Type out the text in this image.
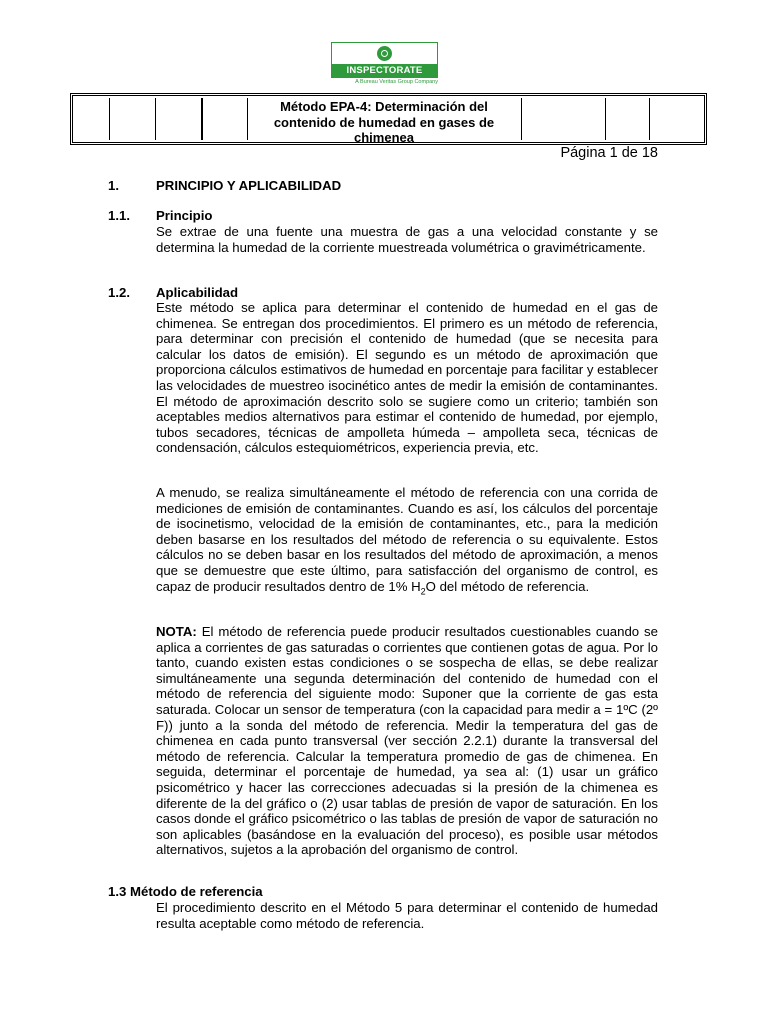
INSPECTORATE
A Bureau Veritas Group Company
Método EPA-4: Determinación del contenido de humedad en gases de chimenea
Página 1 de 18
1.	PRINCIPIO Y APLICABILIDAD
1.1. Principio
Se extrae de una fuente una muestra de gas a una velocidad constante y se determina la humedad de la corriente muestreada volumétrica o gravimétricamente.
1.2. Aplicabilidad
Este método se aplica para determinar el contenido de humedad en el gas de chimenea. Se entregan dos procedimientos. El primero es un método de referencia, para determinar con precisión el contenido de humedad (que se necesita para calcular los datos de emisión). El segundo es un método de aproximación que proporciona cálculos estimativos de humedad en porcentaje para facilitar y establecer las velocidades de muestreo isocinético antes de medir la emisión de contaminantes. El método de aproximación descrito solo se sugiere como un criterio; también son aceptables medios alternativos para estimar el contenido de humedad, por ejemplo, tubos secadores, técnicas de ampolleta húmeda – ampolleta seca, técnicas de condensación, cálculos estequiométricos, experiencia previa, etc.
A menudo, se realiza simultáneamente el método de referencia con una corrida de mediciones de emisión de contaminantes. Cuando es así, los cálculos del porcentaje de isocinetismo, velocidad de la emisión de contaminantes, etc., para la medición deben basarse en los resultados del método de referencia o su equivalente. Estos cálculos no se deben basar en los resultados del método de aproximación, a menos que se demuestre que este último, para satisfacción del organismo de control, es capaz de producir resultados dentro de 1% $H_2O$ del método de referencia.
NOTA: El método de referencia puede producir resultados cuestionables cuando se aplica a corrientes de gas saturadas o corrientes que contienen gotas de agua. Por lo tanto, cuando existen estas condiciones o se sospecha de ellas, se debe realizar simultáneamente una segunda determinación del contenido de humedad con el método de referencia del siguiente modo: Suponer que la corriente de gas esta saturada. Colocar un sensor de temperatura (con la capacidad para medir a = 1ºC (2º F)) junto a la sonda del método de referencia. Medir la temperatura del gas de chimenea en cada punto transversal (ver sección 2.2.1) durante la transversal del método de referencia. Calcular la temperatura promedio de gas de chimenea. En seguida, determinar el porcentaje de humedad, ya sea al: (1) usar un gráfico psicométrico y hacer las correcciones adecuadas si la presión de la chimenea es diferente de la del gráfico o (2) usar tablas de presión de vapor de saturación. En los casos donde el gráfico psicométrico o las tablas de presión de vapor de saturación no son aplicables (basándose en la evaluación del proceso), es posible usar métodos alternativos, sujetos a la aprobación del organismo de control.
1.3 Método de referencia
El procedimiento descrito en el Método 5 para determinar el contenido de humedad resulta aceptable como método de referencia.
